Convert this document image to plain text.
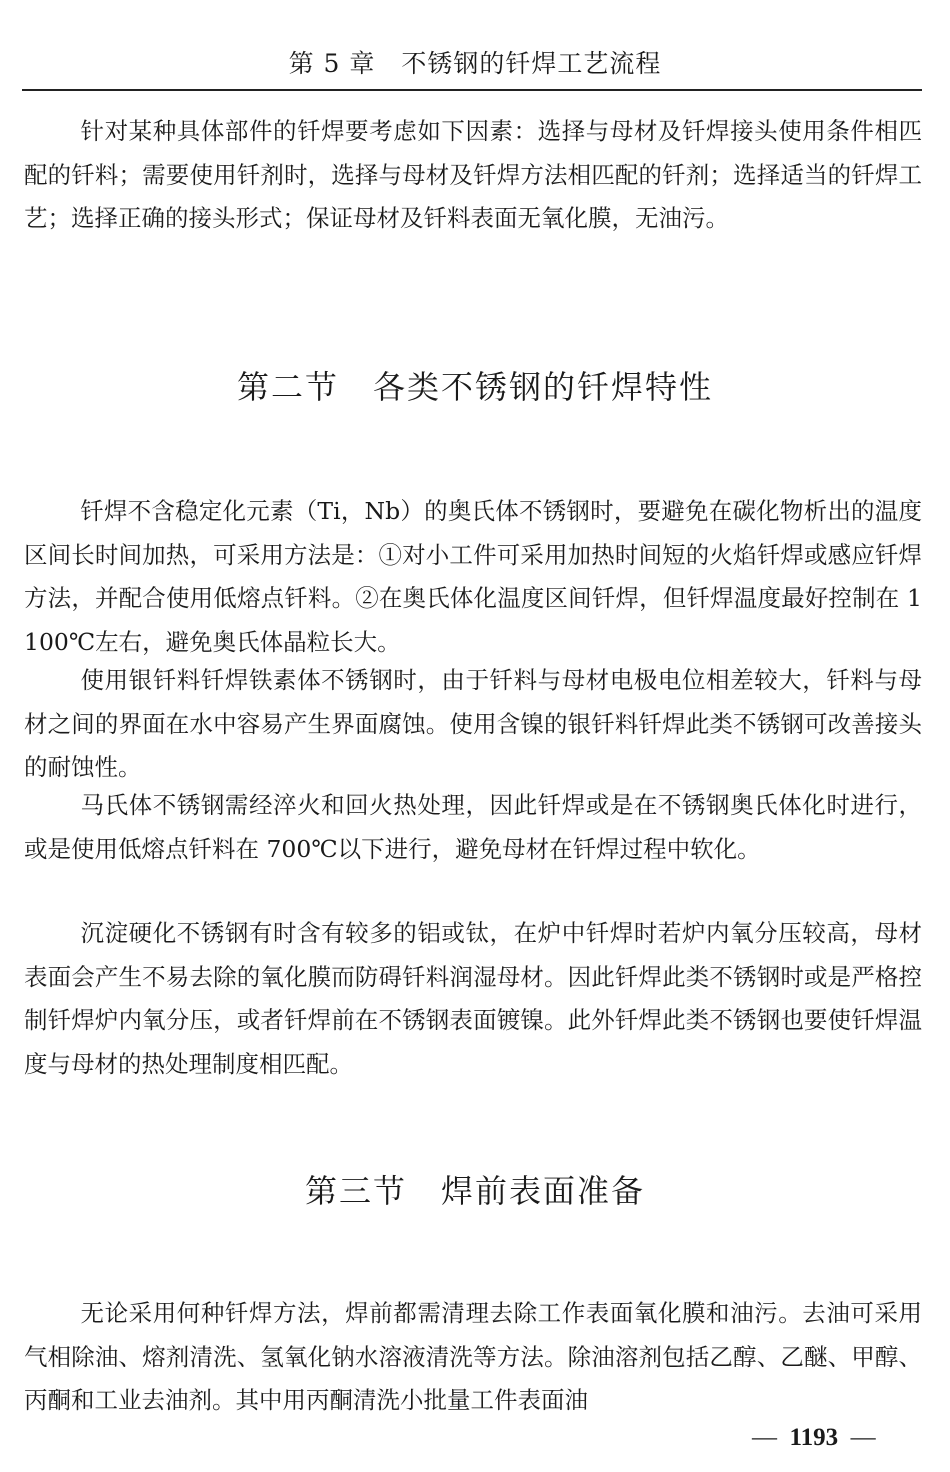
第 5 章　不锈钢的钎焊工艺流程

针对某种具体部件的钎焊要考虑如下因素：选择与母材及钎焊接头使用条件相匹配的钎料；需要使用钎剂时，选择与母材及钎焊方法相匹配的钎剂；选择适当的钎焊工艺；选择正确的接头形式；保证母材及钎料表面无氧化膜，无油污。

第二节　各类不锈钢的钎焊特性

钎焊不含稳定化元素（Ti，Nb）的奥氏体不锈钢时，要避免在碳化物析出的温度区间长时间加热，可采用方法是：①对小工件可采用加热时间短的火焰钎焊或感应钎焊方法，并配合使用低熔点钎料。②在奥氏体化温度区间钎焊，但钎焊温度最好控制在 1 100℃左右，避免奥氏体晶粒长大。

使用银钎料钎焊铁素体不锈钢时，由于钎料与母材电极电位相差较大，钎料与母材之间的界面在水中容易产生界面腐蚀。使用含镍的银钎料钎焊此类不锈钢可改善接头的耐蚀性。

马氏体不锈钢需经淬火和回火热处理，因此钎焊或是在不锈钢奥氏体化时进行，或是使用低熔点钎料在 700℃以下进行，避免母材在钎焊过程中软化。

沉淀硬化不锈钢有时含有较多的铝或钛，在炉中钎焊时若炉内氧分压较高，母材表面会产生不易去除的氧化膜而防碍钎料润湿母材。因此钎焊此类不锈钢时或是严格控制钎焊炉内氧分压，或者钎焊前在不锈钢表面镀镍。此外钎焊此类不锈钢也要使钎焊温度与母材的热处理制度相匹配。

第三节　焊前表面准备

无论采用何种钎焊方法，焊前都需清理去除工作表面氧化膜和油污。去油可采用气相除油、熔剂清洗、氢氧化钠水溶液清洗等方法。除油溶剂包括乙醇、乙醚、甲醇、丙酮和工业去油剂。其中用丙酮清洗小批量工件表面油

— 1193 —
